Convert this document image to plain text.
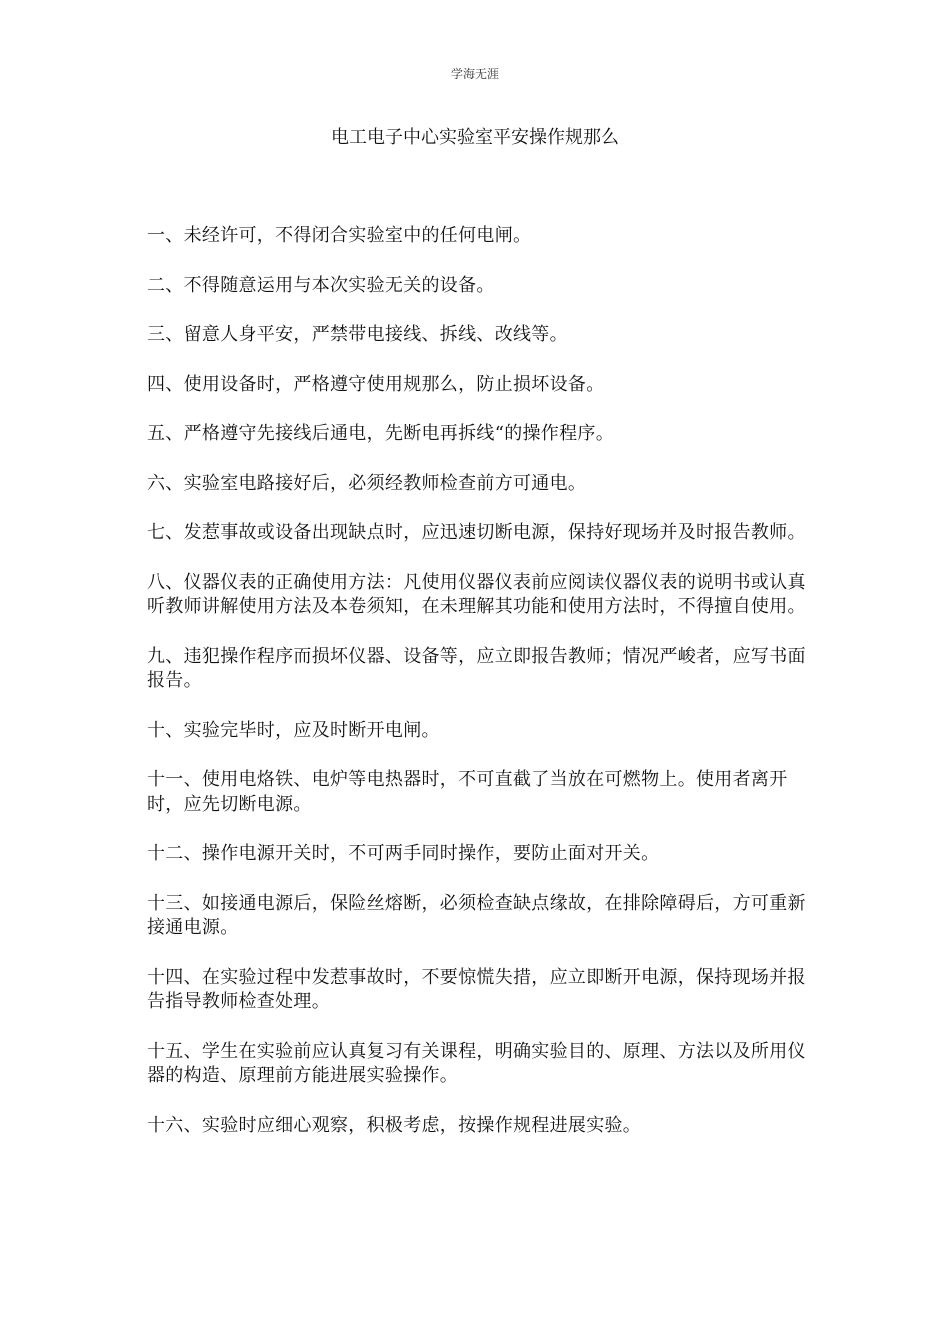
学海无涯
电工电子中心实验室平安操作规那么
一、未经许可，不得闭合实验室中的任何电闸。
二、不得随意运用与本次实验无关的设备。
三、留意人身平安，严禁带电接线、拆线、改线等。
四、使用设备时，严格遵守使用规那么，防止损坏设备。
五、严格遵守先接线后通电，先断电再拆线“的操作程序。
六、实验室电路接好后，必须经教师检查前方可通电。
七、发惹事故或设备出现缺点时，应迅速切断电源，保持好现场并及时报告教师。
八、仪器仪表的正确使用方法：凡使用仪器仪表前应阅读仪器仪表的说明书或认真听教师讲解使用方法及本卷须知，在未理解其功能和使用方法时，不得擅自使用。
九、违犯操作程序而损坏仪器、设备等，应立即报告教师；情况严峻者，应写书面报告。
十、实验完毕时，应及时断开电闸。
十一、使用电烙铁、电炉等电热器时，不可直截了当放在可燃物上。使用者离开时，应先切断电源。
十二、操作电源开关时，不可两手同时操作，要防止面对开关。
十三、如接通电源后，保险丝熔断，必须检查缺点缘故，在排除障碍后，方可重新接通电源。
十四、在实验过程中发惹事故时，不要惊慌失措，应立即断开电源，保持现场并报告指导教师检查处理。
十五、学生在实验前应认真复习有关课程，明确实验目的、原理、方法以及所用仪器的构造、原理前方能进展实验操作。
十六、实验时应细心观察，积极考虑，按操作规程进展实验。
